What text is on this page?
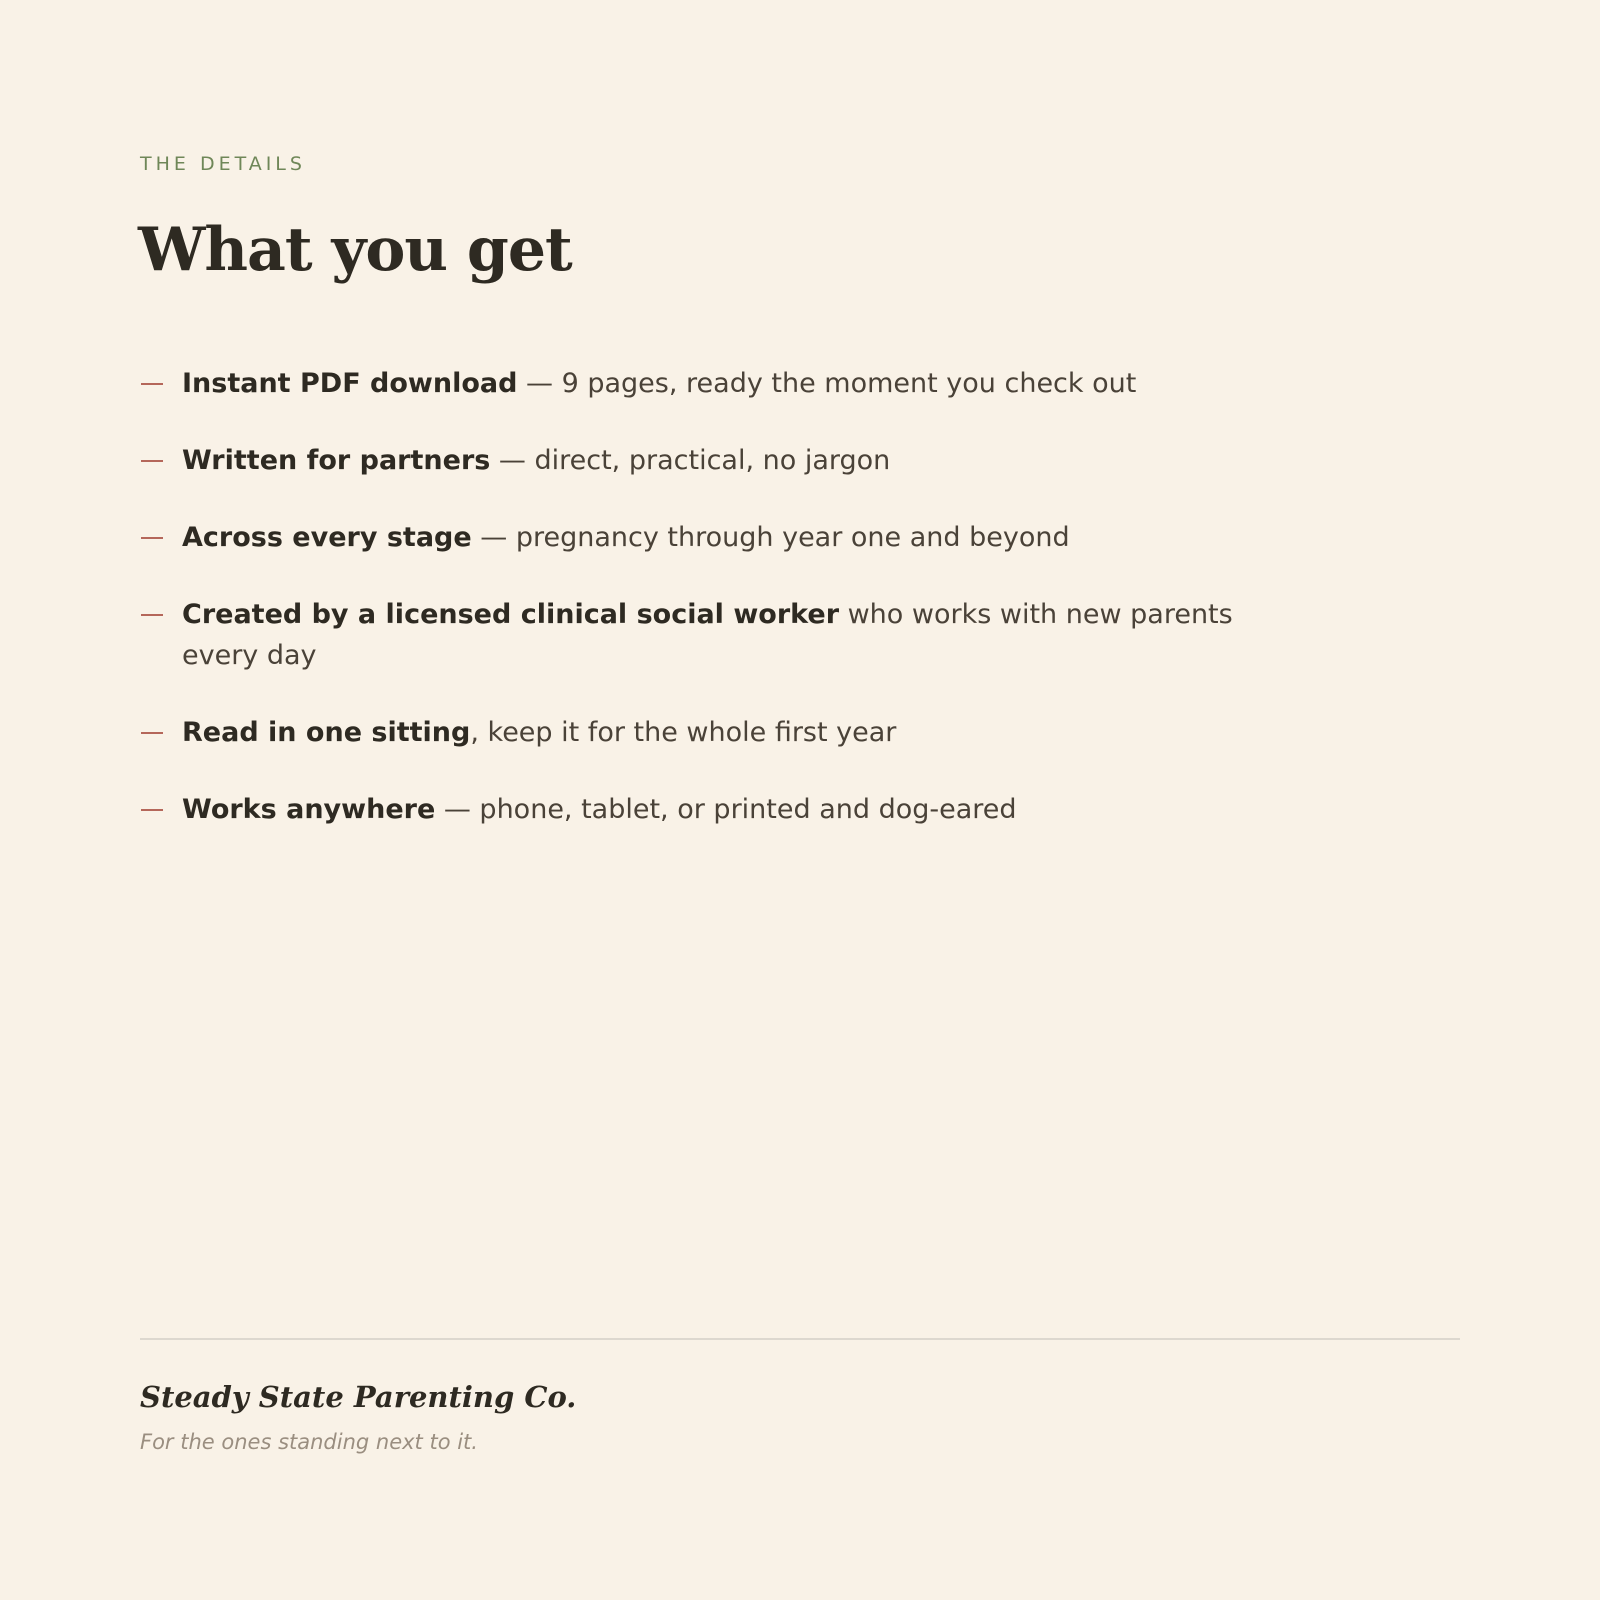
THE DETAILS
What you get
Instant PDF download — 9 pages, ready the moment you check out
Written for partners — direct, practical, no jargon
Across every stage — pregnancy through year one and beyond
Created by a licensed clinical social worker who works with new parents every day
Read in one sitting, keep it for the whole first year
Works anywhere — phone, tablet, or printed and dog-eared
Steady State Parenting Co.
For the ones standing next to it.
